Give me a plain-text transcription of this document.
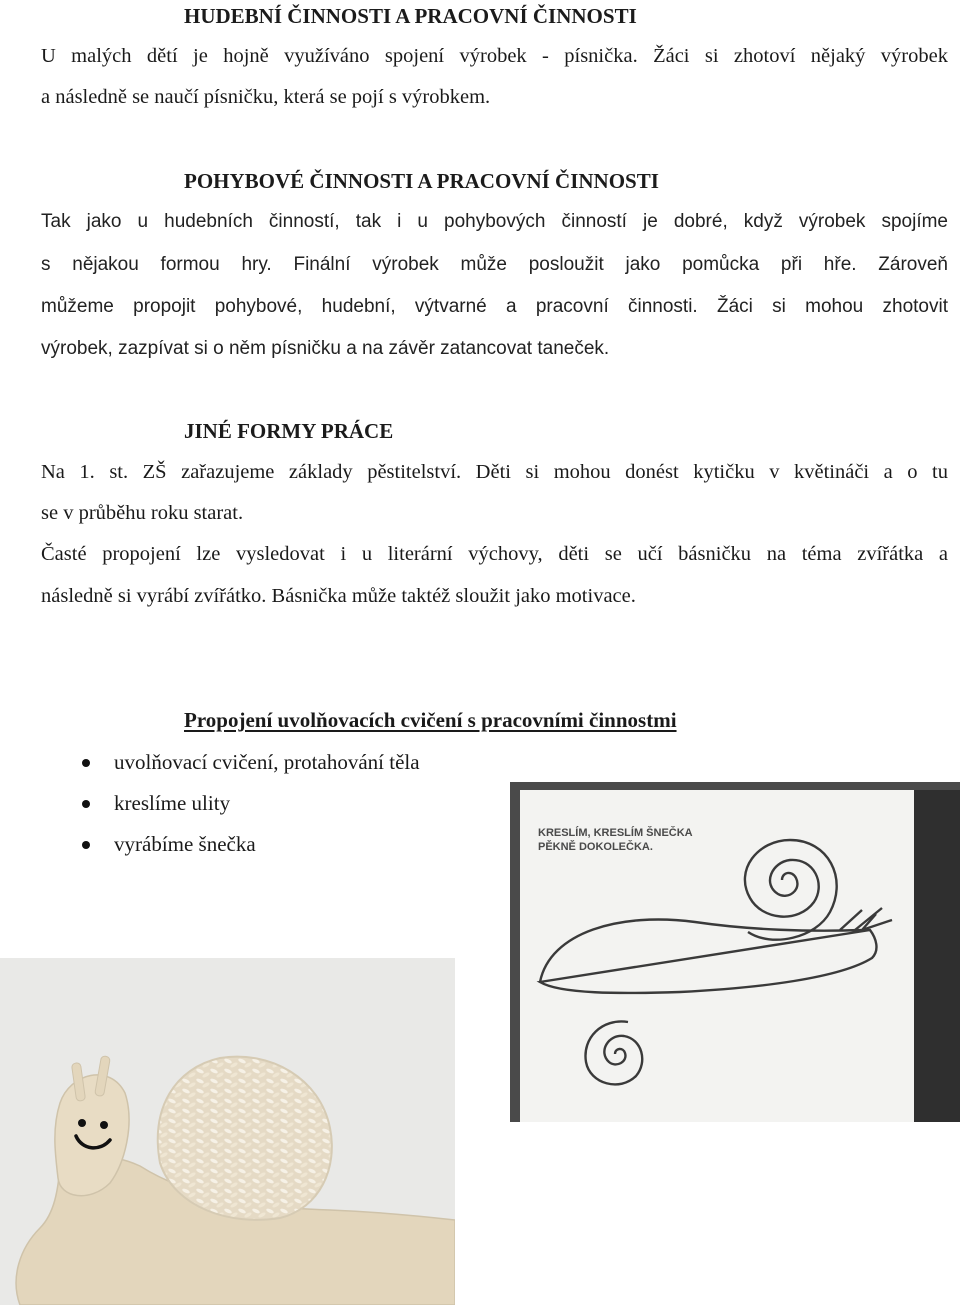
HUDEBNÍ ČINNOSTI A PRACOVNÍ ČINNOSTI
U malých dětí je hojně využíváno spojení výrobek - písnička. Žáci si zhotoví nějaký výrobek
a následně se naučí písničku, která se pojí s výrobkem.
POHYBOVÉ ČINNOSTI A PRACOVNÍ ČINNOSTI
Tak jako u hudebních činností, tak i u pohybových činností je dobré, když výrobek spojíme
s nějakou formou hry. Finální výrobek může posloužit jako pomůcka při hře. Zároveň
můžeme propojit pohybové, hudební, výtvarné a pracovní činnosti. Žáci si mohou zhotovit
výrobek, zazpívat si o něm písničku a na závěr zatancovat taneček.
JINÉ FORMY PRÁCE
Na 1. st. ZŠ zařazujeme základy pěstitelství. Děti si mohou donést kytičku v květináči a o tu
se v průběhu roku starat.
Časté propojení lze vysledovat i u literární výchovy, děti se učí básničku na téma zvířátka a
následně si vyrábí zvířátko. Básnička může taktéž sloužit jako motivace.
Propojení uvolňovacích cvičení s pracovními činnostmi
uvolňovací cvičení, protahování těla
kreslíme ulity
vyrábíme šnečka	KRESLÍM, KRESLÍM ŠNEČKA
PĚKNĚ DOKOLEČKA.
